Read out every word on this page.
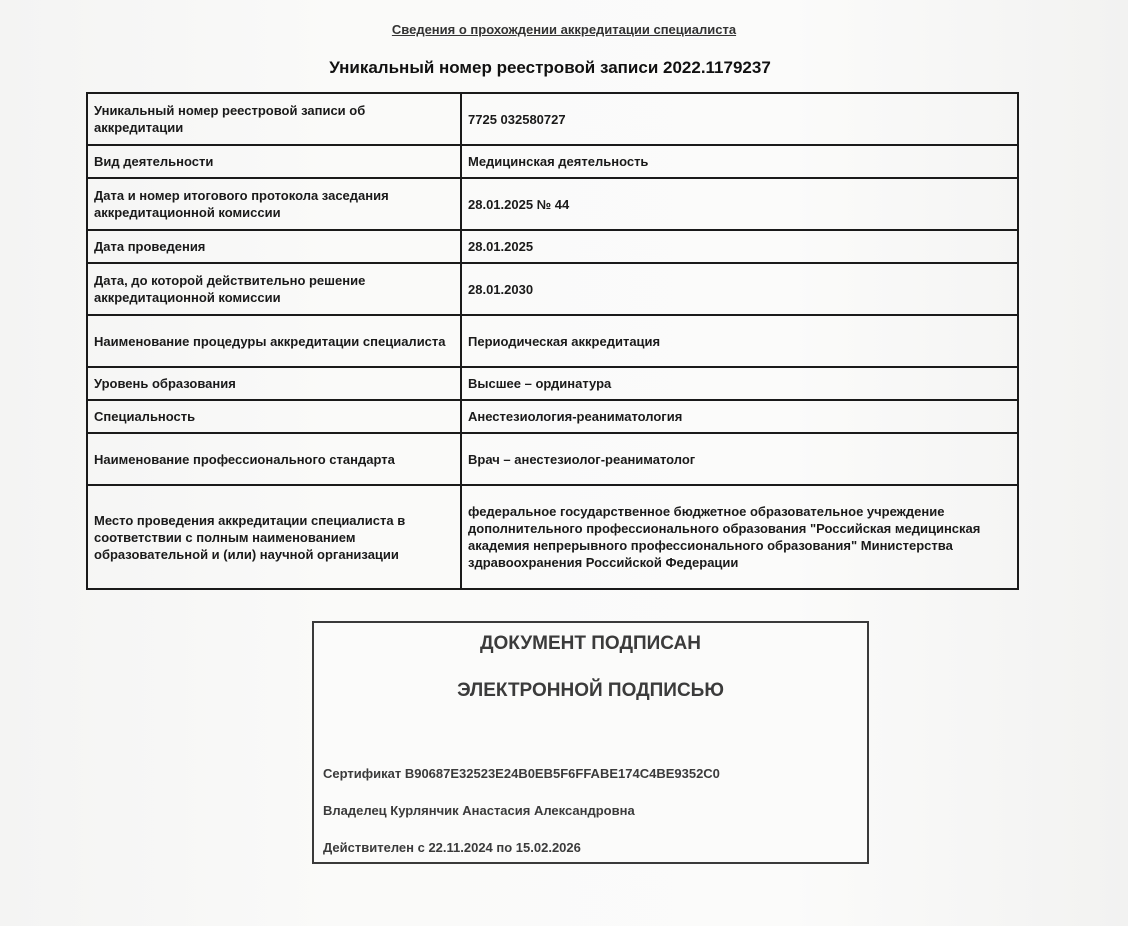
Сведения о прохождении аккредитации специалиста
Уникальный номер реестровой записи 2022.1179237
Уникальный номер реестровой записи об аккредитации	7725 032580727
Вид деятельности	Медицинская деятельность
Дата и номер итогового протокола заседания аккредитационной комиссии	28.01.2025 № 44
Дата проведения	28.01.2025
Дата, до которой действительно решение аккредитационной комиссии	28.01.2030
Наименование процедуры аккредитации специалиста	Периодическая аккредитация
Уровень образования	Высшее – ординатура
Специальность	Анестезиология-реаниматология
Наименование профессионального стандарта	Врач – анестезиолог-реаниматолог
Место проведения аккредитации специалиста в соответствии с полным наименованием образовательной и (или) научной организации	федеральное государственное бюджетное образовательное учреждение дополнительного профессионального образования "Российская медицинская академия непрерывного профессионального образования" Министерства здравоохранения Российской Федерации
ДОКУМЕНТ ПОДПИСАН
ЭЛЕКТРОННОЙ ПОДПИСЬЮ
Сертификат B90687E32523E24B0EB5F6FFABE174C4BE9352C0
Владелец Курлянчик Анастасия Александровна
Действителен с 22.11.2024 по 15.02.2026
